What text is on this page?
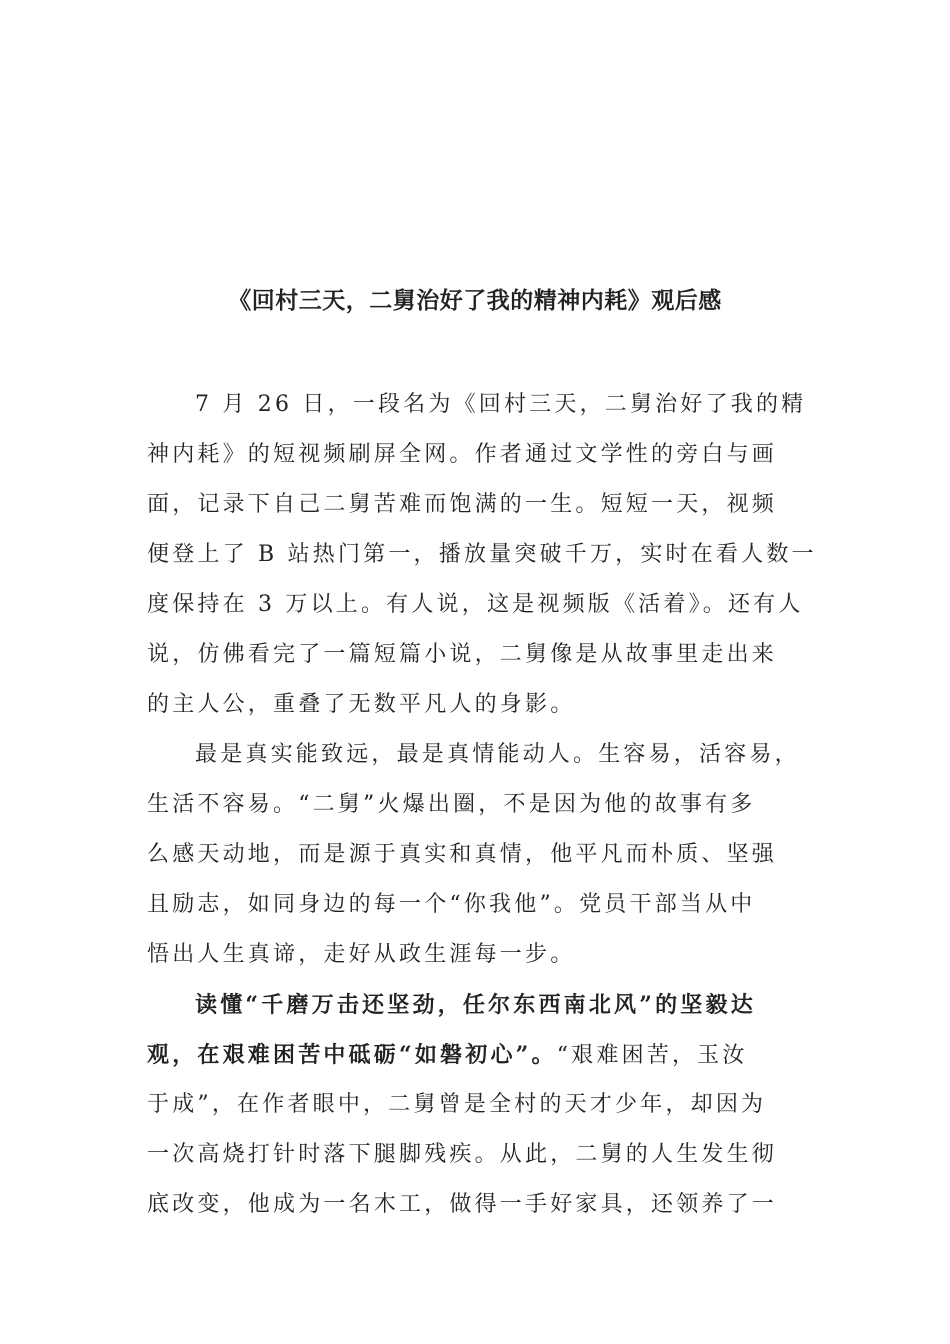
《回村三天，二舅治好了我的精神内耗》观后感
7 月 26 日，一段名为《回村三天，二舅治好了我的精
神内耗》的短视频刷屏全网。作者通过文学性的旁白与画
面，记录下自己二舅苦难而饱满的一生。短短一天，视频
便登上了 B 站热门第一，播放量突破千万，实时在看人数一
度保持在 3 万以上。有人说，这是视频版《活着》。还有人
说，仿佛看完了一篇短篇小说，二舅像是从故事里走出来
的主人公，重叠了无数平凡人的身影。
最是真实能致远，最是真情能动人。生容易，活容易，
生活不容易。“二舅”火爆出圈，不是因为他的故事有多
么感天动地，而是源于真实和真情，他平凡而朴质、坚强
且励志，如同身边的每一个“你我他”。党员干部当从中
悟出人生真谛，走好从政生涯每一步。
读懂“千磨万击还坚劲，任尔东西南北风”的坚毅达
观，在艰难困苦中砥砺“如磐初心”。“艰难困苦，玉汝
于成”，在作者眼中，二舅曾是全村的天才少年，却因为
一次高烧打针时落下腿脚残疾。从此，二舅的人生发生彻
底改变，他成为一名木工，做得一手好家具，还领养了一
